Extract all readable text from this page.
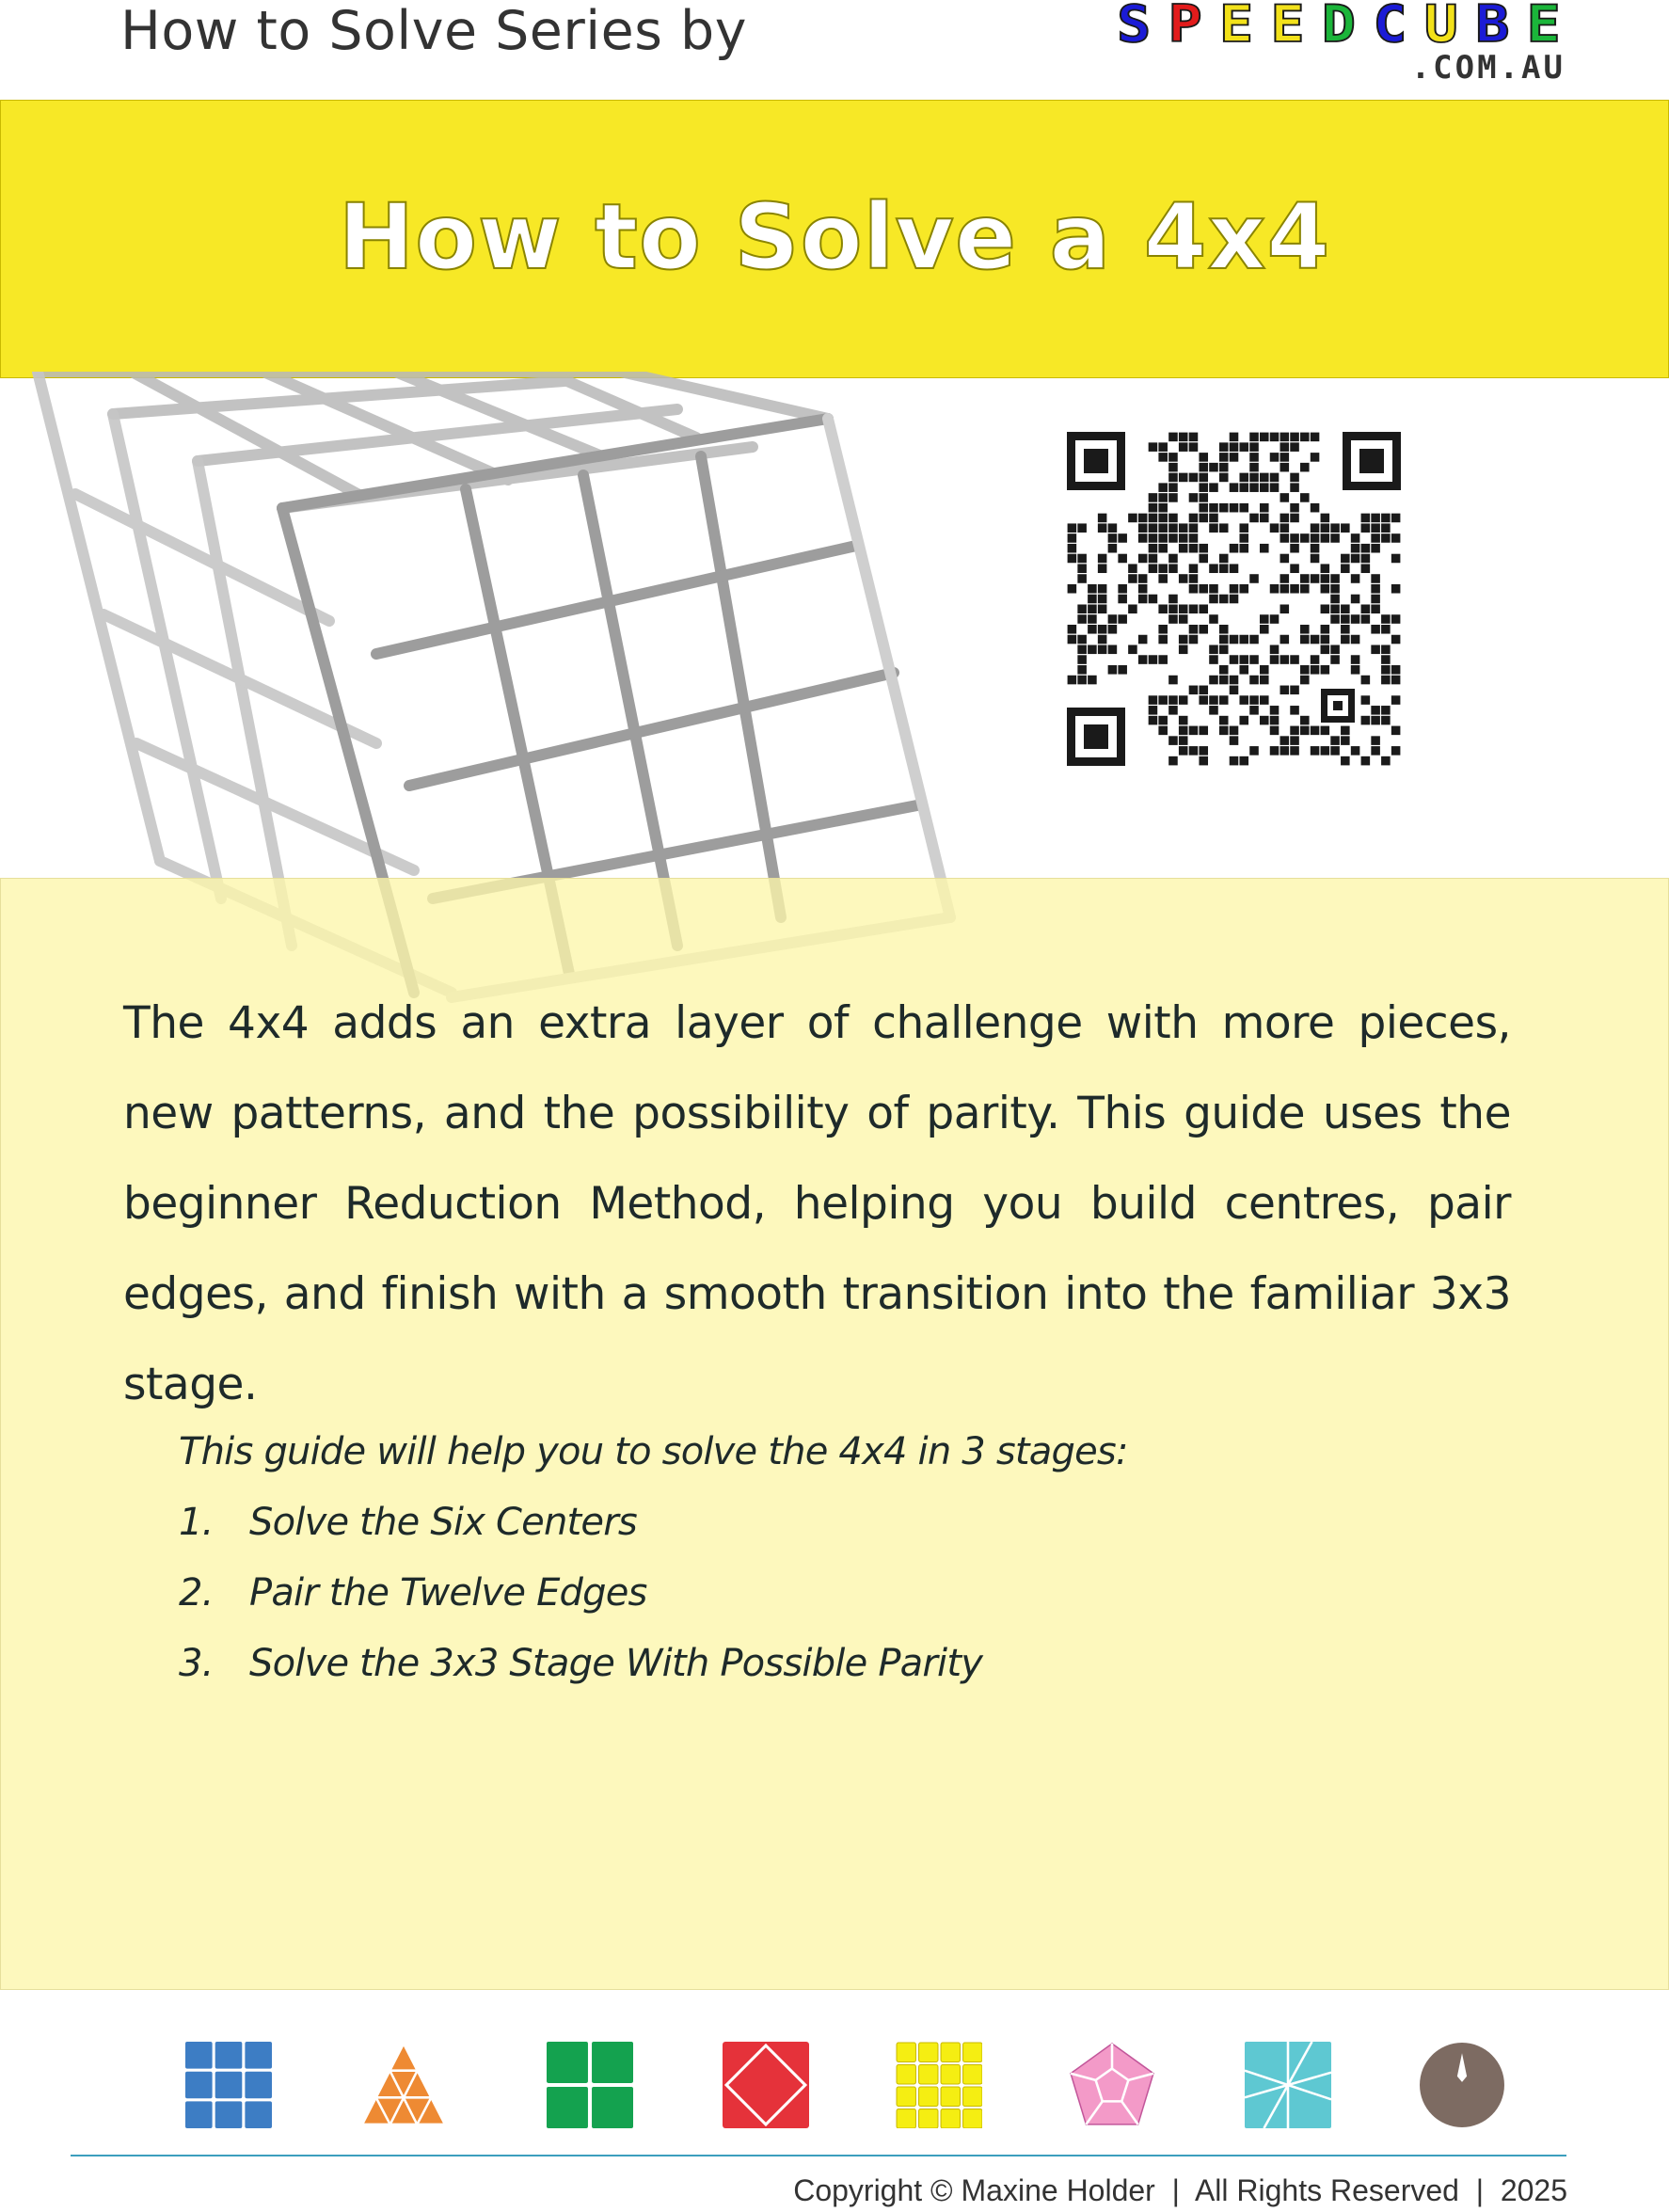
How to Solve Series by	S P E E D C U B E
.COM.AU
How to Solve a 4x4

The 4x4 adds an extra layer of challenge with more pieces, new patterns, and the possibility of parity. This guide uses the beginner Reduction Method, helping you build centres, pair edges, and finish with a smooth transition into the familiar 3x3 stage.

This guide will help you to solve the 4x4 in 3 stages:
1. Solve the Six Centers
2. Pair the Twelve Edges
3. Solve the 3x3 Stage With Possible Parity
Copyright © Maxine Holder  |  All Rights Reserved  |  2025
